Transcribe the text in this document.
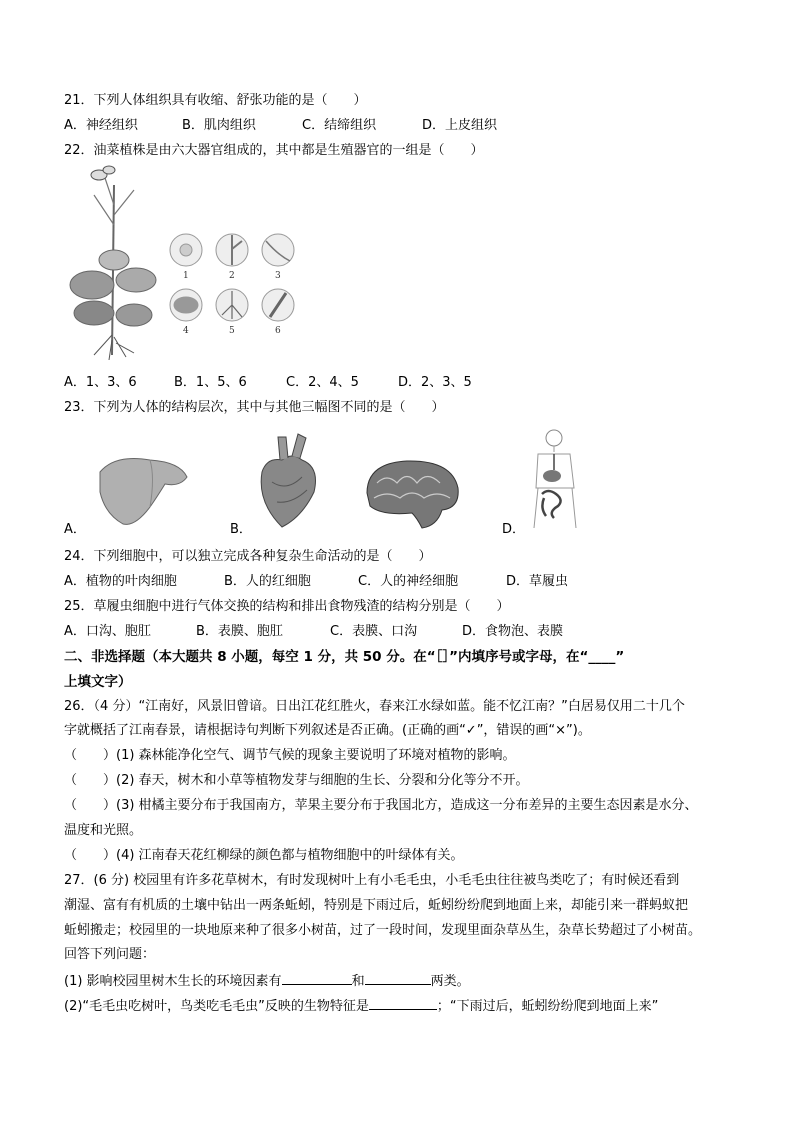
21．下列人体组织具有收缩、舒张功能的是（　　）
A．神经组织	B．肌肉组织	C．结缔组织	D．上皮组织
22．油菜植株是由六大器官组成的，其中都是生殖器官的一组是（　　）
1	2	3
4	5	6
A．1、3、6	B．1、5、6	C．2、4、5	D．2、3、5
23．下列为人体的结构层次，其中与其他三幅图不同的是（　　）
A．	B．	D．
24．下列细胞中，可以独立完成各种复杂生命活动的是（　　）
A．植物的叶肉细胞	B．人的红细胞	C．人的神经细胞	D．草履虫
25．草履虫细胞中进行气体交换的结构和排出食物残渣的结构分别是（　　）
A．口沟、胞肛	B．表膜、胞肛	C．表膜、口沟	D．食物泡、表膜
二、非选择题（本大题共 8 小题，每空 1 分，共 50 分。在“［］”内填序号或字母，在“____”
上填文字）
26．（4 分）“江南好，风景旧曾谙。日出江花红胜火，春来江水绿如蓝。能不忆江南？”白居易仅用二十几个
字就概括了江南春景，请根据诗句判断下列叙述是否正确。(正确的画“✓”，错误的画“×”)。
（　　）(1) 森林能净化空气、调节气候的现象主要说明了环境对植物的影响。
（　　）(2) 春天，树木和小草等植物发芽与细胞的生长、分裂和分化等分不开。
（　　）(3) 柑橘主要分布于我国南方，苹果主要分布于我国北方，造成这一分布差异的主要生态因素是水分、
温度和光照。
（　　）(4) 江南春天花红柳绿的颜色都与植物细胞中的叶绿体有关。
27．(6 分) 校园里有许多花草树木，有时发现树叶上有小毛毛虫，小毛毛虫往往被鸟类吃了；有时候还看到
潮湿、富有有机质的土壤中钻出一两条蚯蚓，特别是下雨过后，蚯蚓纷纷爬到地面上来，却能引来一群蚂蚁把
蚯蚓搬走；校园里的一块地原来种了很多小树苗，过了一段时间，发现里面杂草丛生，杂草长势超过了小树苗。
回答下列问题：
(1) 影响校园里树木生长的环境因素有	和	两类。
(2)“毛毛虫吃树叶，鸟类吃毛毛虫”反映的生物特征是	；“下雨过后，蚯蚓纷纷爬到地面上来”
